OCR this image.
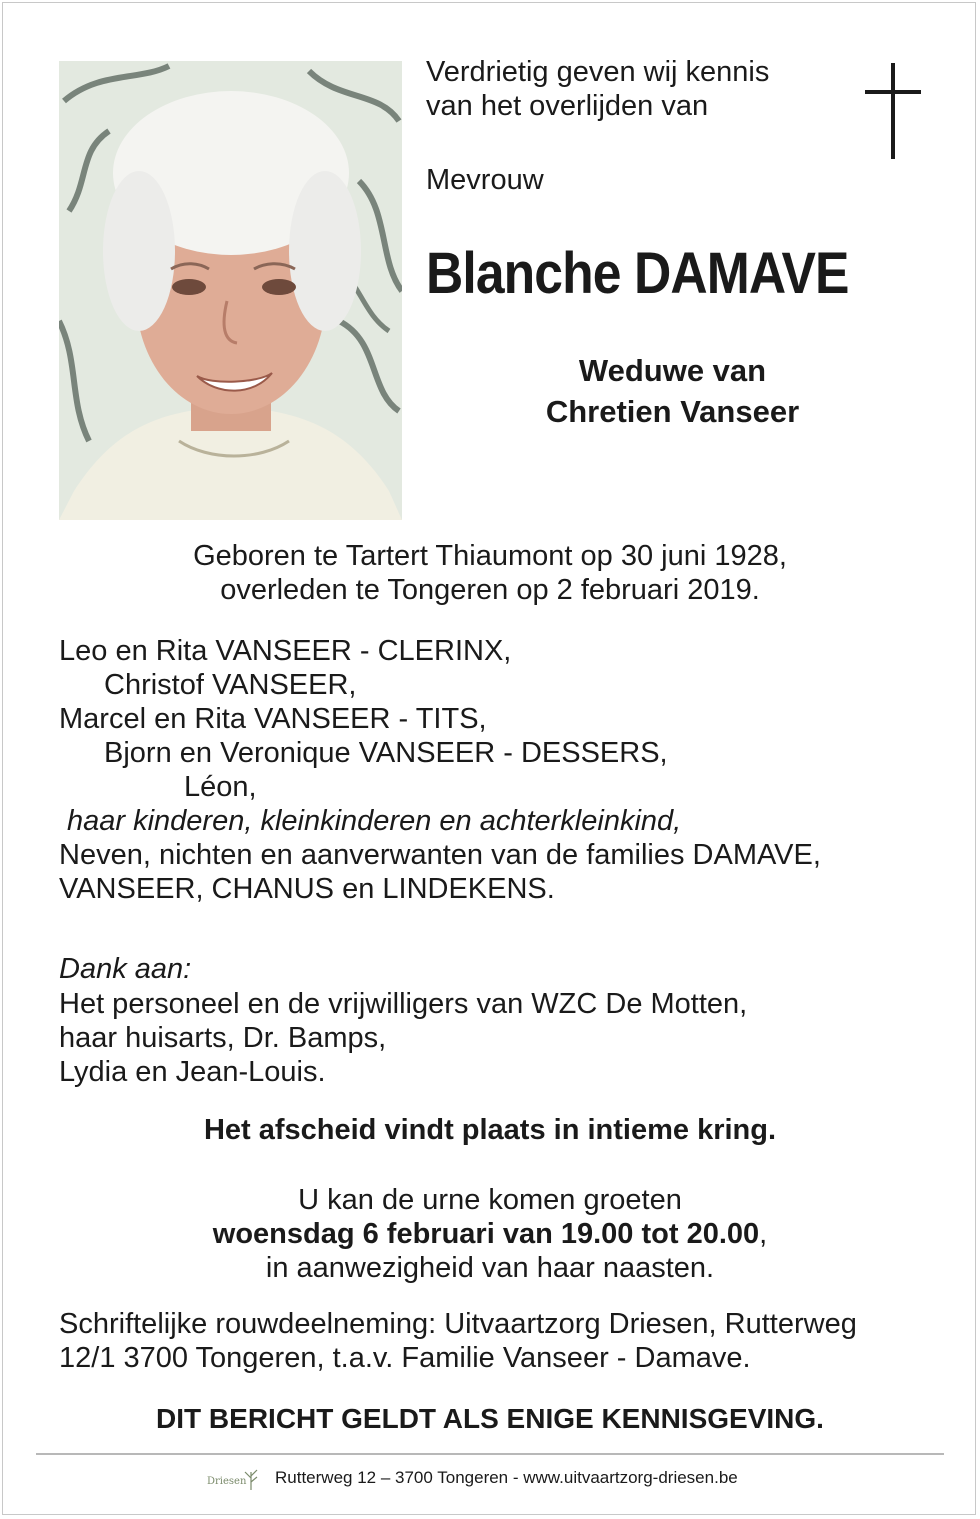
Verdrietig geven wij kennis
van het overlijden van
Mevrouw
Blanche DAMAVE
Weduwe van
Chretien Vanseer
Geboren te Tartert Thiaumont op 30 juni 1928,
overleden te Tongeren op 2 februari 2019.
Leo en Rita VANSEER - CLERINX,
Christof VANSEER,
Marcel en Rita VANSEER - TITS,
Bjorn en Veronique VANSEER - DESSERS,
Léon,
haar kinderen, kleinkinderen en achterkleinkind,
Neven, nichten en aanverwanten van de families DAMAVE,
VANSEER, CHANUS en LINDEKENS.
Dank aan:
Het personeel en de vrijwilligers van WZC De Motten,
haar huisarts, Dr. Bamps,
Lydia en Jean-Louis.
Het afscheid vindt plaats in intieme kring.
U kan de urne komen groeten
woensdag 6 februari van 19.00 tot 20.00,
in aanwezigheid van haar naasten.
Schriftelijke rouwdeelneming: Uitvaartzorg Driesen, Rutterweg
12/1 3700 Tongeren, t.a.v. Familie Vanseer - Damave.
DIT BERICHT GELDT ALS ENIGE KENNISGEVING.
Driesen Rutterweg 12 – 3700 Tongeren - www.uitvaartzorg-driesen.be
